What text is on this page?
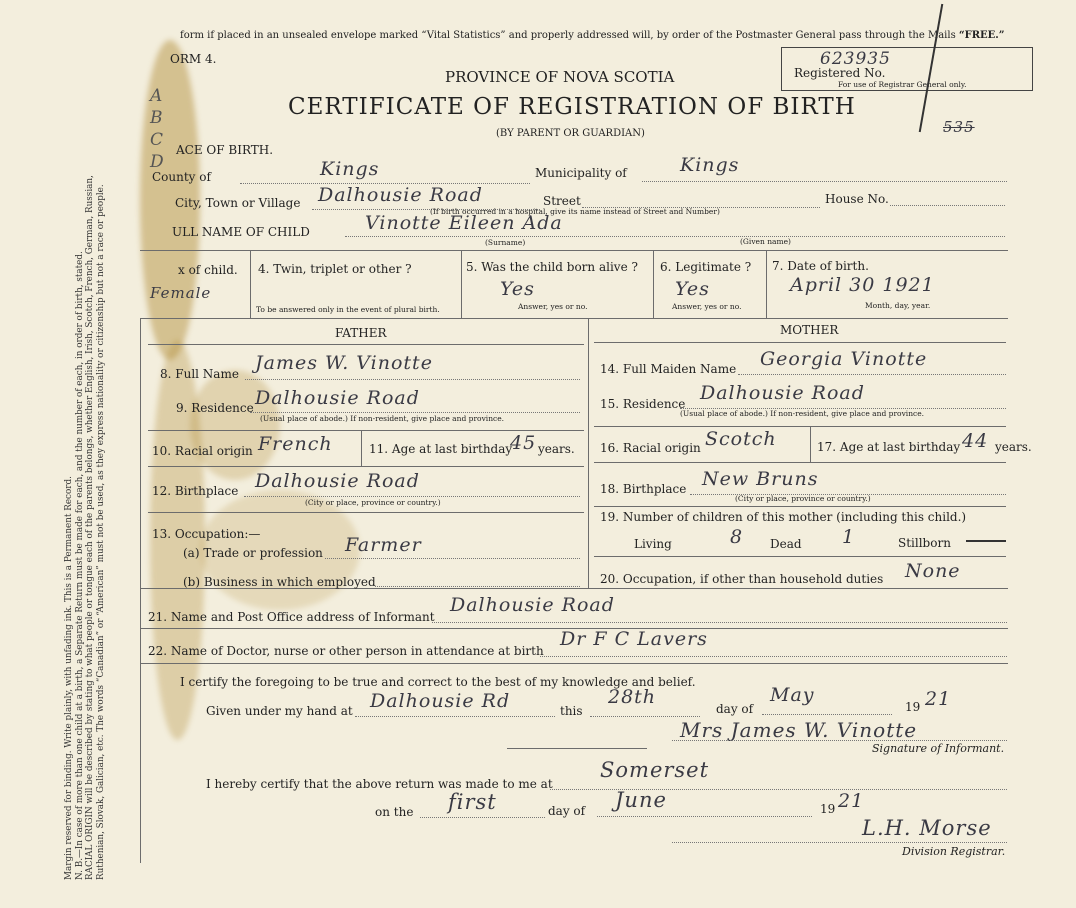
Margin reserved for binding. Write plainly, with unfading ink. This is a Permanent Record. N. B.—In case of more than one child at a birth, a Separate Return must be made for each, and the number of each, in order of birth, stated. RACIAL ORIGIN will be described by stating to what people or tongue each of the parents belongs, whether English, Irish, Scotch, French, German, Russian, Ruthenian, Slovak, Galician, etc. The words “Canadian” or “American” must not be used, as they express nationality or citizenship but not a race or people.
form if placed in an unsealed envelope marked “Vital Statistics” and properly addressed will, by order of the Postmaster General pass through the Mails “FREE.”
ORM 4.
PROVINCE OF NOVA SCOTIA
CERTIFICATE OF REGISTRATION OF BIRTH
(BY PARENT OR GUARDIAN)
623935
Registered No.
For use of Registrar General only.
535
ACE OF BIRTH.
County of	Kings	Municipality of	Kings
City, Town or Village Dalhousie Road	Street	House No.
(If birth occurred in a hospital, give its name instead of Street and Number)
ULL NAME OF CHILD	Vinotte Eileen Ada
(Surname)	(Given name)
x of child.
Female
4. Twin, triplet or other ?
To be answered only in the event of plural birth.
5. Was the child born alive ?
Yes
Answer, yes or no.
6. Legitimate ?
Yes
Answer, yes or no.
7. Date of birth.
April 30 1921
Month, day, year.
FATHER
8. Full Name James W. Vinotte
9. Residence Dalhousie Road
(Usual place of abode.) If non-resident, give place and province.
10. Racial origin French	11. Age at last birthday
45 years.
12. Birthplace Dalhousie Road
(City or place, province or country.)
13. Occupation:—
(a) Trade or profession Farmer
(b) Business in which employed
MOTHER
14. Full Maiden Name Georgia Vinotte
15. Residence Dalhousie Road
(Usual place of abode.) If non-resident, give place and province.
16. Racial origin Scotch	17. Age at last birthday 44 years.
18. Birthplace New Bruns
(City or place, province or country.)
19. Number of children of this mother (including this child.)
Living	8 Dead 1	Stillborn
20. Occupation, if other than household duties None
21. Name and Post Office address of Informant
Dalhousie Road
22. Name of Doctor, nurse or other person in attendance at birth
Dr F C Lavers
I certify the foregoing to be true and correct to the best of my knowledge and belief.
Given under my hand at Dalhousie Rd	this
28th
day of
May
19 21
Mrs James W. Vinotte
Signature of Informant.
I hereby certify that the above return was made to me at
Somerset
on the first	day of June	19 21
L.H. Morse
Division Registrar.
A
B
C
D
